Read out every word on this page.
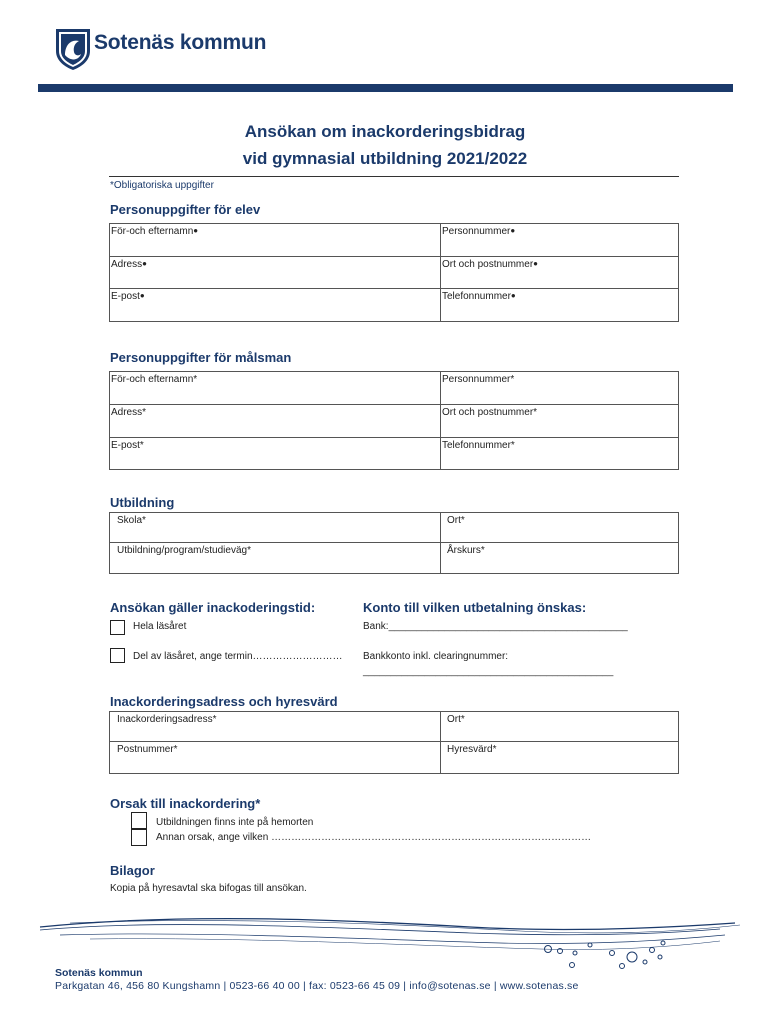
Sotenäs kommun
Ansökan om inackorderingsbidrag
vid gymnasial utbildning 2021/2022
*Obligatoriska uppgifter
Personuppgifter för elev
För-och efternamn●	Personnummer●
Adress●	Ort och postnummer●
E-post●	Telefonnummer●
Personuppgifter för målsman
För-och efternamn*	Personnummer*
Adress*	Ort och postnummer*
E-post*	Telefonnummer*
Utbildning
Skola*	Ort*
Utbildning/program/studieväg*	Årskurs*
Ansökan gäller inackoderingstid:
Hela läsåret
Del av läsåret, ange termin………………………
Konto till vilken utbetalning önskas:
Bank:___________________________________________
Bankkonto inkl. clearingnummer:
_____________________________________________
Inackorderingsadress och hyresvärd
Inackorderingsadress*	Ort*
Postnummer*	Hyresvärd*
Orsak till inackordering*
Utbildningen finns inte på hemorten
Annan orsak, ange vilken ……………………………………………………………………………………
Bilagor
Kopia på hyresavtal ska bifogas till ansökan.
Sotenäs kommun
Parkgatan 46, 456 80 Kungshamn | 0523-66 40 00 | fax: 0523-66 45 09 | info@sotenas.se | www.sotenas.se
